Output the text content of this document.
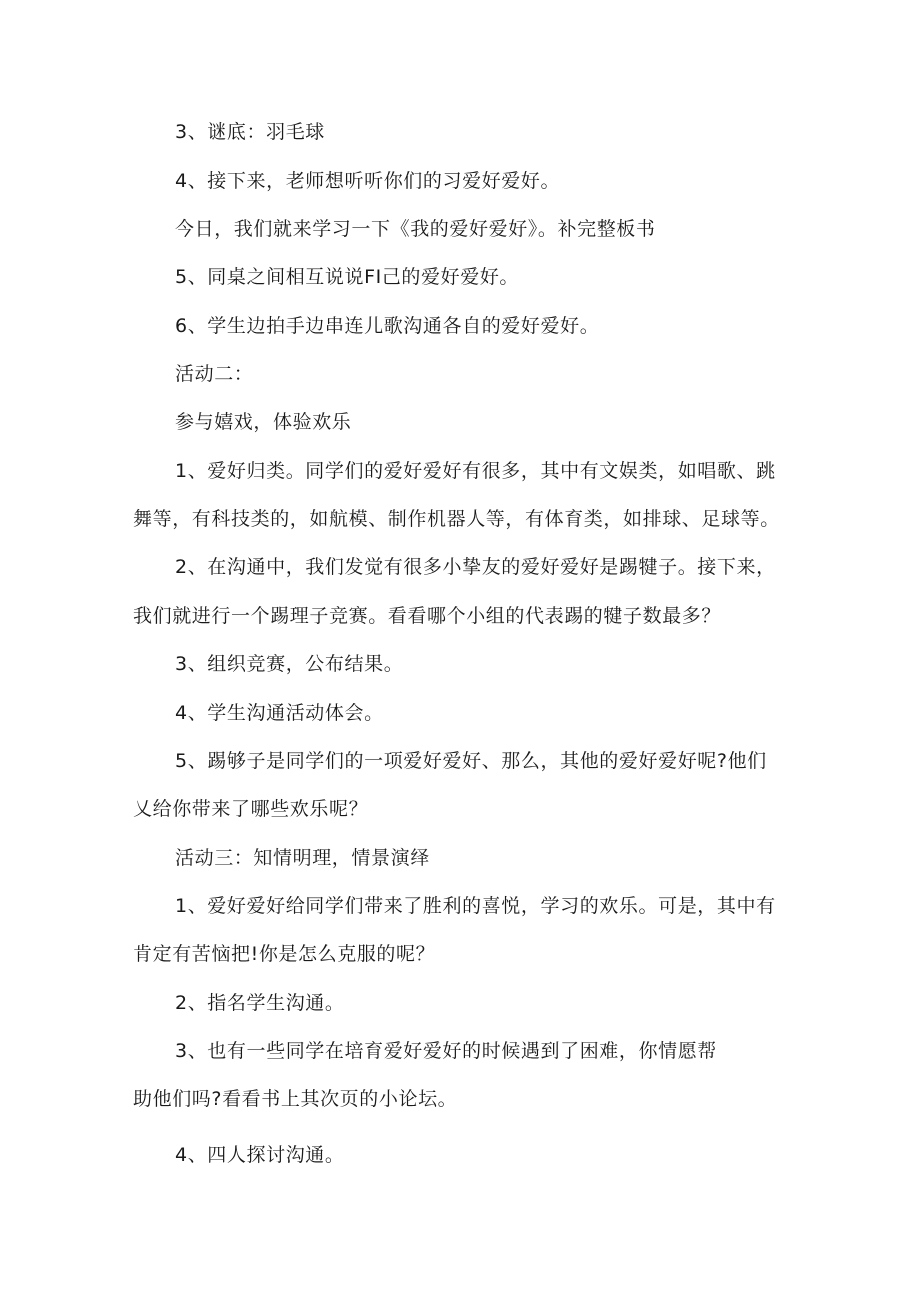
3、谜底：羽毛球
4、接下来，老师想听听你们的习爱好爱好。
今日，我们就来学习一下《我的爱好爱好》。补完整板书
5、同桌之间相互说说FI己的爱好爱好。
6、学生边拍手边串连儿歌沟通各自的爱好爱好。
活动二：
参与嬉戏，体验欢乐
1、爱好归类。同学们的爱好爱好有很多，其中有文娱类，如唱歌、跳
舞等，有科技类的，如航模、制作机器人等，有体育类，如排球、足球等。
2、在沟通中，我们发觉有很多小挚友的爱好爱好是踢犍子。接下来，
我们就进行一个踢理子竞赛。看看哪个小组的代表踢的犍子数最多？
3、组织竞赛，公布结果。
4、学生沟通活动体会。
5、踢够子是同学们的一项爱好爱好、那么，其他的爱好爱好呢?他们
乂给你带来了哪些欢乐呢？
活动三：知情明理，情景演绎
1、爱好爱好给同学们带来了胜利的喜悦，学习的欢乐。可是，其中有
肯定有苦恼把!你是怎么克服的呢？
2、指名学生沟通。
3、也有一些同学在培育爱好爱好的时候遇到了困难，你情愿帮
助他们吗?看看书上其次页的小论坛。
4、四人探讨沟通。
